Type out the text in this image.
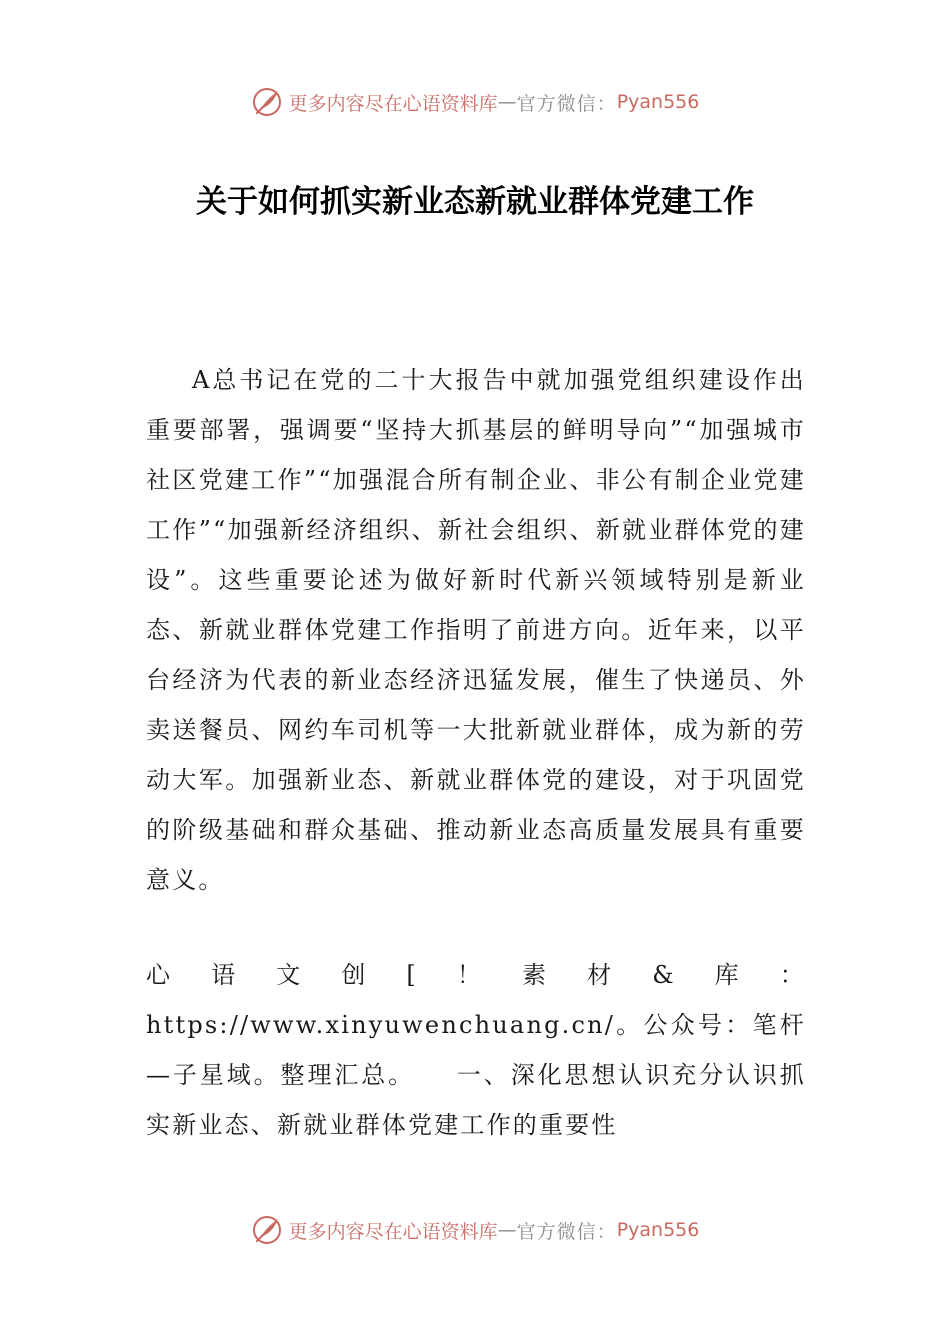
更多内容尽在心语资料库 — 官方微信： Pyan556
关于如何抓实新业态新就业群体党建工作

A总书记在党的二十大报告中就加强党组织建设作出重要部署，强调要“坚持大抓基层的鲜明导向”“加强城市社区党建工作”“加强混合所有制企业、非公有制企业党建工作”“加强新经济组织、新社会组织、新就业群体党的建设”。这些重要论述为做好新时代新兴领域特别是新业态、新就业群体党建工作指明了前进方向。近年来，以平台经济为代表的新业态经济迅猛发展，催生了快递员、外卖送餐员、网约车司机等一大批新就业群体，成为新的劳动大军。加强新业态、新就业群体党的建设，对于巩固党的阶级基础和群众基础、推动新业态高质量发展具有重要意义。

心语文创[！素材&库：https://www.xinyuwenchuang.cn/。公众号：笔杆—子星域。整理汇总。　　一、深化思想认识充分认识抓实新业态、新就业群体党建工作的重要性

更多内容尽在心语资料库 — 官方微信： Pyan556
